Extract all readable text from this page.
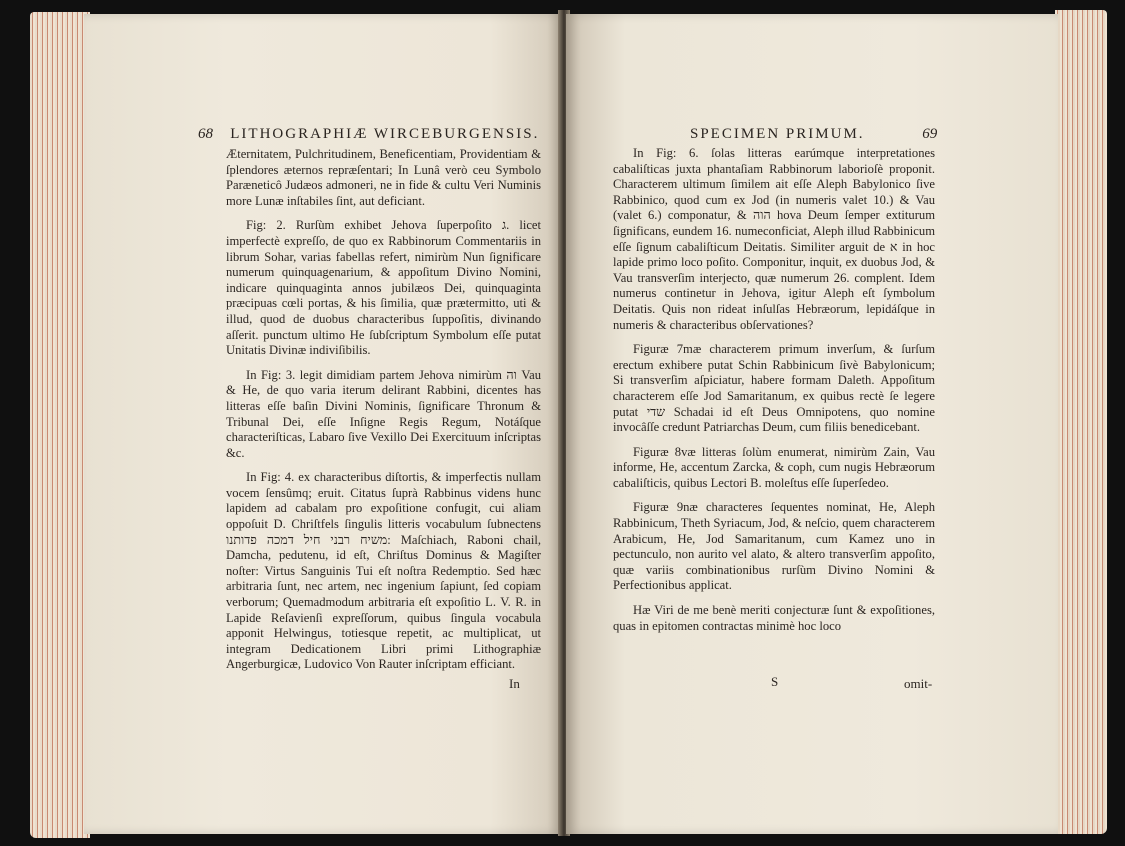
68 LITHOGRAPHIÆ WIRCEBURGENSIS.

Æternitatem, Pulchritudinem, Beneficentiam, Providentiam & ſplendores æternos repræſentari; In Lunâ verò ceu Symbolo Paræneticô Judæos admoneri, ne in fide & cultu Veri Numinis more Lunæ inſtabiles ſint, aut deficiant.

Fig: 2. Rurſùm exhibet Jehova ſuperpoſito ג. licet imperfectè expreſſo, de quo ex Rabbinorum Commentariis in librum Sohar, varias fabellas refert, nimirùm Nun ſignificare numerum quinquagenarium, & appoſitum Divino Nomini, indicare quinquaginta annos jubilæos Dei, quinquaginta præcipuas cœli portas, & his ſimilia, quæ prætermitto, uti & illud, quod de duobus characteribus ſuppoſitis, divinando aſſerit. punctum ultimo He ſubſcriptum Symbolum eſſe putat Unitatis Divinæ indiviſibilis.

In Fig: 3. legit dimidiam partem Jehova nimirùm וה Vau & He, de quo varia iterum delirant Rabbini, dicentes has litteras eſſe baſin Divini Nominis, ſignificare Thronum & Tribunal Dei, eſſe Inſigne Regis Regum, Notáſque characteriſticas, Labaro ſive Vexillo Dei Exercituum inſcriptas &c.

In Fig: 4. ex characteribus diſtortis, & imperfectis nullam vocem ſensûmq; eruit. Citatus ſuprà Rabbinus videns hunc lapidem ad cabalam pro expoſitione confugit, cui aliam oppoſuit D. Chriſtfels ſingulis litteris vocabulum ſubnectens משיח רבני חיל דמכה פדותנו: Maſchiach, Raboni chail, Damcha, pedutenu, id eſt, Chriſtus Dominus & Magiſter noſter: Virtus Sanguinis Tui eſt noſtra Redemptio. Sed hæc arbitraria ſunt, nec artem, nec ingenium ſapiunt, ſed copiam verborum; Quemadmodum arbitraria eſt expoſitio L. V. R. in Lapide Reſavienſi expreſſorum, quibus ſingula vocabula apponit Helwingus, totiesque repetit, ac multiplicat, ut integram Dedicationem Libri primi Lithographiæ Angerburgicæ, Ludovico Von Rauter inſcriptam efficiant.

In
SPECIMEN PRIMUM.	69

In Fig: 6. ſolas litteras earúmque interpretationes cabaliſticas juxta phantaſiam Rabbinorum laborioſè proponit. Characterem ultimum ſimilem ait eſſe Aleph Babylonico ſive Rabbinico, quod cum ex Jod (in numeris valet 10.) & Vau (valet 6.) componatur, & הוה hova Deum ſemper extiturum ſignificans, eundem 16. numeconficiat, Aleph illud Rabbinicum eſſe ſignum cabaliſticum Deitatis. Similiter arguit de א in hoc lapide primo loco poſito. Componitur, inquit, ex duobus Jod, & Vau transverſim interjecto, quæ numerum 26. complent. Idem numerus continetur in Jehova, igitur Aleph eſt ſymbolum Deitatis. Quis non rideat inſulſas Hebræorum, lepidáſque in numeris & characteribus obſervationes?

Figuræ 7mæ characterem primum inverſum, & ſurſum erectum exhibere putat Schin Rabbinicum ſivè Babylonicum; Si transverſim aſpiciatur, habere formam Daleth. Appoſitum characterem eſſe Jod Samaritanum, ex quibus rectè ſe legere putat שדי Schadai id eſt Deus Omnipotens, quo nomine invocâſſe credunt Patriarchas Deum, cum filiis benedicebant.

Figuræ 8væ litteras ſolùm enumerat, nimirùm Zain, Vau informe, He, accentum Zarcka, & coph, cum nugis Hebræorum cabaliſticis, quibus Lectori B. moleſtus eſſe ſuperſedeo.

Figuræ 9næ characteres ſequentes nominat, He, Aleph Rabbinicum, Theth Syriacum, Jod, & neſcio, quem characterem Arabicum, He, Jod Samaritanum, cum Kamez uno in pectunculo, non aurito vel alato, & altero transverſim appoſito, quæ variis combinationibus rurſùm Divino Nomini & Perfectionibus applicat.

Hæ Viri de me benè meriti conjecturæ ſunt & expoſitiones, quas in epitomen contractas minimè hoc loco

S	omit-
